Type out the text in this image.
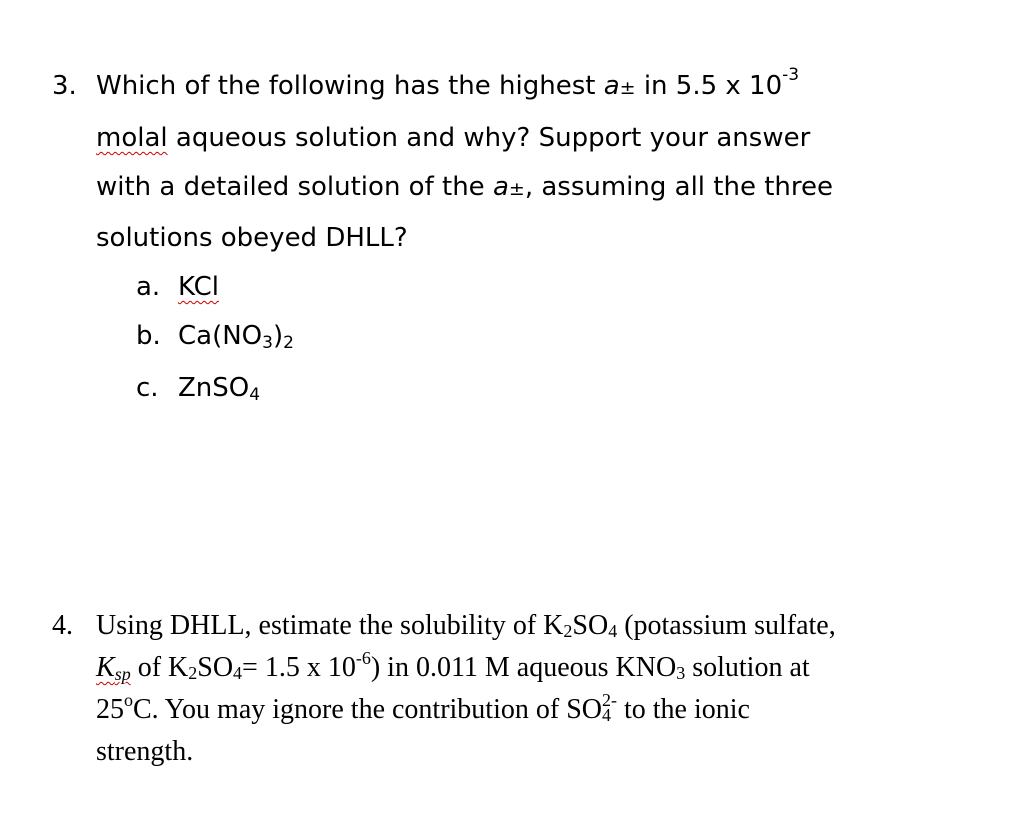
3. Which of the following has the highest a± in 5.5 x $10^{-3}$
molal aqueous solution and why? Support your answer
with a detailed solution of the a±, assuming all the three
solutions obeyed DHLL?
a. KCl
b. $Ca(NO_3)_2$
c. ZnSO$_4$
4. Using DHLL, estimate the solubility of $K_2SO_4$ (potassium sulfate,
Ksp of $K_2SO_4= 1.5$ x $10^{-6}$) in 0.011 M aqueous $KNO_3$ solution at
25$^o$C. You may ignore the contribution of $SO_4^{2-}$ to the ionic
strength.
